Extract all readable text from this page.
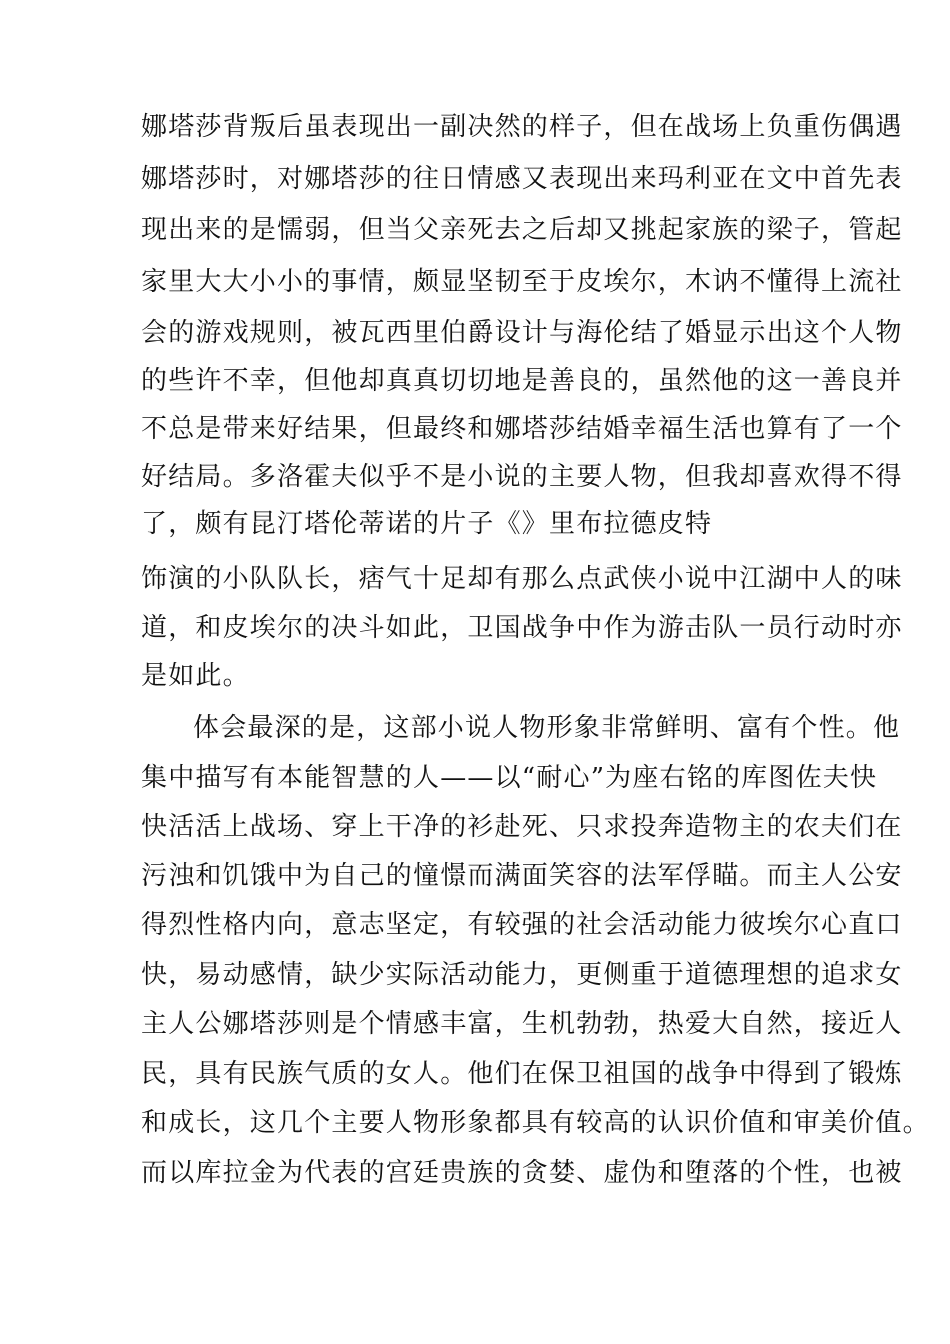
娜塔莎背叛后虽表现出一副决然的样子，但在战场上负重伤偶遇
娜塔莎时，对娜塔莎的往日情感又表现出来玛利亚在文中首先表
现出来的是懦弱，但当父亲死去之后却又挑起家族的梁子，管起
家里大大小小的事情，颇显坚韧至于皮埃尔，木讷不懂得上流社
会的游戏规则，被瓦西里伯爵设计与海伦结了婚显示出这个人物
的些许不幸，但他却真真切切地是善良的，虽然他的这一善良并
不总是带来好结果，但最终和娜塔莎结婚幸福生活也算有了一个
好结局。多洛霍夫似乎不是小说的主要人物，但我却喜欢得不得
了，颇有昆汀塔伦蒂诺的片子《》里布拉德皮特
饰演的小队队长，痞气十足却有那么点武侠小说中江湖中人的味
道，和皮埃尔的决斗如此，卫国战争中作为游击队一员行动时亦
是如此。
体会最深的是，这部小说人物形象非常鲜明、富有个性。他
集中描写有本能智慧的人——以“耐心”为座右铭的库图佐夫快
快活活上战场、穿上干净的衫赴死、只求投奔造物主的农夫们在
污浊和饥饿中为自己的憧憬而满面笑容的法军俘瞄。而主人公安
得烈性格内向，意志坚定，有较强的社会活动能力彼埃尔心直口
快，易动感情，缺少实际活动能力，更侧重于道德理想的追求女
主人公娜塔莎则是个情感丰富，生机勃勃，热爱大自然，接近人
民，具有民族气质的女人。他们在保卫祖国的战争中得到了锻炼
和成长，这几个主要人物形象都具有较高的认识价值和审美价值。
而以库拉金为代表的宫廷贵族的贪婪、虚伪和堕落的个性，也被
